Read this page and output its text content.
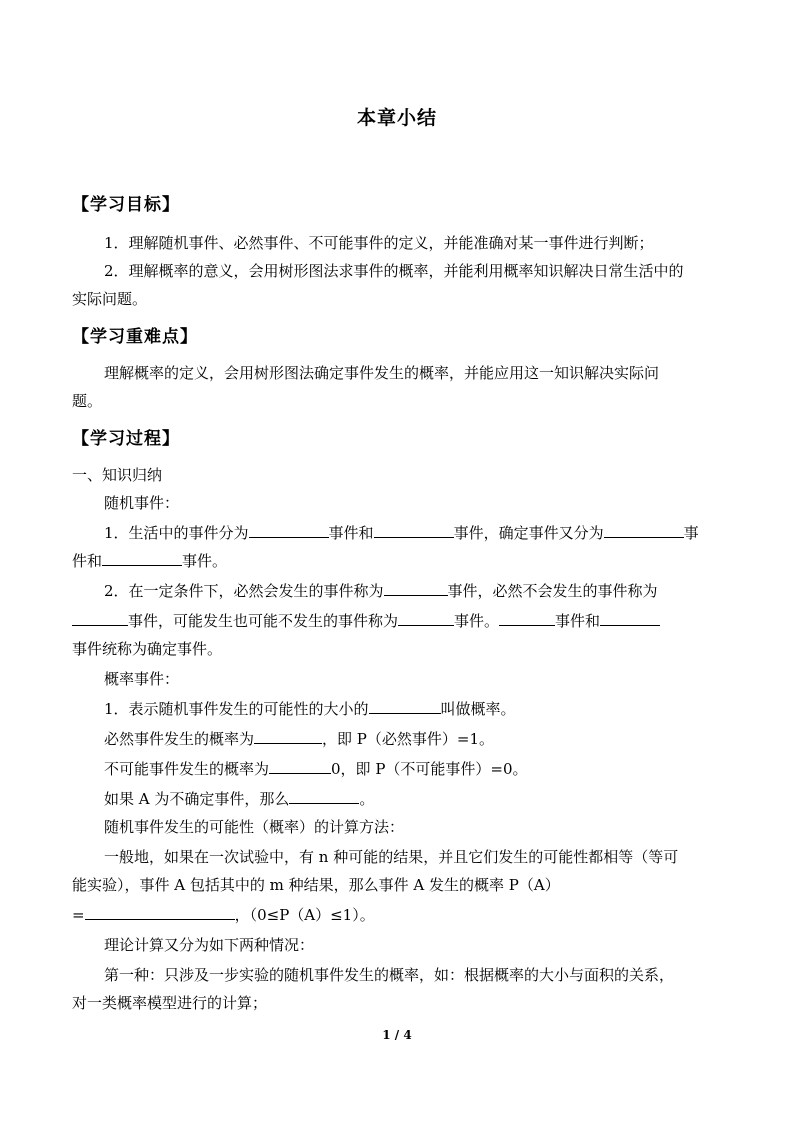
本章小结
【学习目标】
1．理解随机事件、必然事件、不可能事件的定义，并能准确对某一事件进行判断；
2．理解概率的意义，会用树形图法求事件的概率，并能利用概率知识解决日常生活中的
实际问题。
【学习重难点】
理解概率的定义，会用树形图法确定事件发生的概率，并能应用这一知识解决实际问
题。
【学习过程】
一、知识归纳
随机事件：
1．生活中的事件分为	事件和	事件，确定事件又分为	事
件和	事件。
2．在一定条件下，必然会发生的事件称为	事件，必然不会发生的事件称为
事件，可能发生也可能不发生的事件称为	事件。	事件和
事件统称为确定事件。
概率事件：
1．表示随机事件发生的可能性的大小的	叫做概率。
必然事件发生的概率为	，即 P（必然事件）=1。
不可能事件发生的概率为	0，即 P（不可能事件）=0。
如果 A 为不确定事件，那么	。
随机事件发生的可能性（概率）的计算方法：
一般地，如果在一次试验中，有 n 种可能的结果，并且它们发生的可能性都相等（等可
能实验），事件 A 包括其中的 m 种结果，那么事件 A 发生的概率 P（A）
=	，（0≤P（A）≤1）。
理论计算又分为如下两种情况：
第一种：只涉及一步实验的随机事件发生的概率，如：根据概率的大小与面积的关系，
对一类概率模型进行的计算；
1 / 4
